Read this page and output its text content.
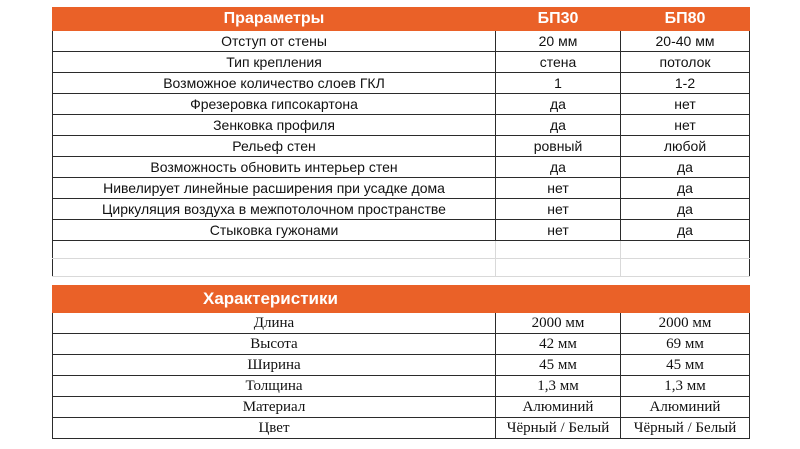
Прараметры	БП30	БП80
Отступ от стены	20 мм	20-40 мм
Тип крепления	стена	потолок
Возможное количество слоев ГКЛ	1	1-2
Фрезеровка гипсокартона	да	нет
Зенковка профиля	да	нет
Рельеф стен	ровный	любой
Возможность обновить интерьер стен	да	да
Нивелирует линейные расширения при усадке дома	нет	да
Циркуляция воздуха в межпотолочном пространстве	нет	да
Стыковка гужонами	нет	да

Характеристики		
Длина	2000 мм	2000 мм
Высота	42 мм	69 мм
Ширина	45 мм	45 мм
Толщина	1,3 мм	1,3 мм
Материал	Алюминий	Алюминий
Цвет	Чёрный / Белый	Чёрный / Белый
